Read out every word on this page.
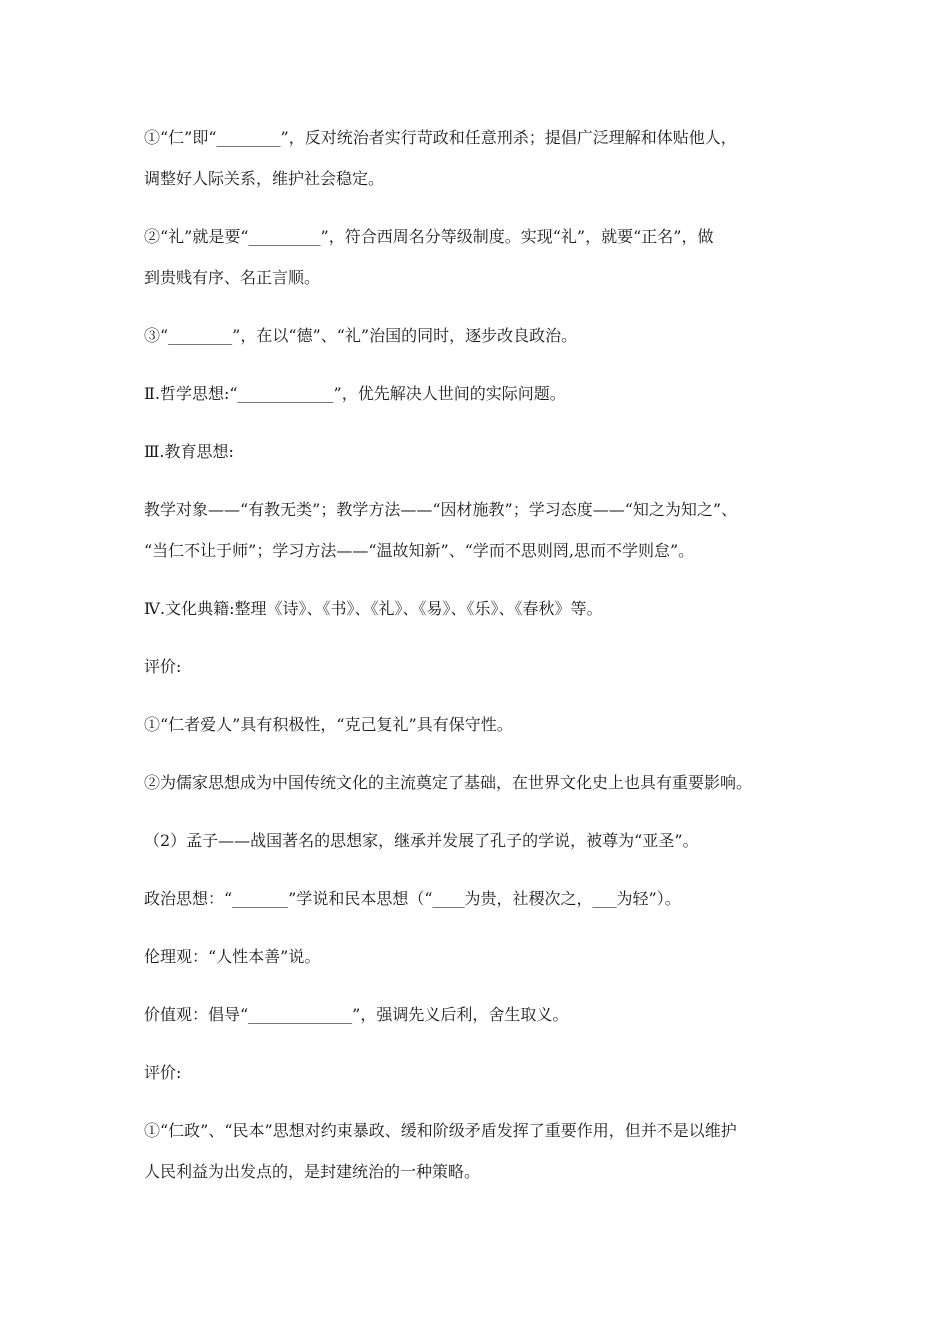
①“仁”即“________”，反对统治者实行苛政和任意刑杀；提倡广泛理解和体贴他人，
调整好人际关系，维护社会稳定。
②“礼”就是要“_________”，符合西周名分等级制度。实现“礼”，就要“正名”，做
到贵贱有序、名正言顺。
③“________”，在以“德”、“礼”治国的同时，逐步改良政治。
Ⅱ.哲学思想:“____________”，优先解决人世间的实际问题。
Ⅲ.教育思想:
教学对象——“有教无类”；教学方法——“因材施教”；学习态度——“知之为知之”、
“当仁不让于师”；学习方法——“温故知新”、“学而不思则罔,思而不学则怠”。
Ⅳ.文化典籍:整理《诗》、《书》、《礼》、《易》、《乐》、《春秋》等。
评价:
①“仁者爱人”具有积极性，“克己复礼”具有保守性。
②为儒家思想成为中国传统文化的主流奠定了基础，在世界文化史上也具有重要影响。
（2）孟子——战国著名的思想家，继承并发展了孔子的学说，被尊为“亚圣”。
政治思想：“_______”学说和民本思想（“____为贵，社稷次之，___为轻”）。
伦理观：“人性本善”说。
价值观：倡导“_____________”，强调先义后利，舍生取义。
评价:
①“仁政”、“民本”思想对约束暴政、缓和阶级矛盾发挥了重要作用，但并不是以维护
人民利益为出发点的，是封建统治的一种策略。
